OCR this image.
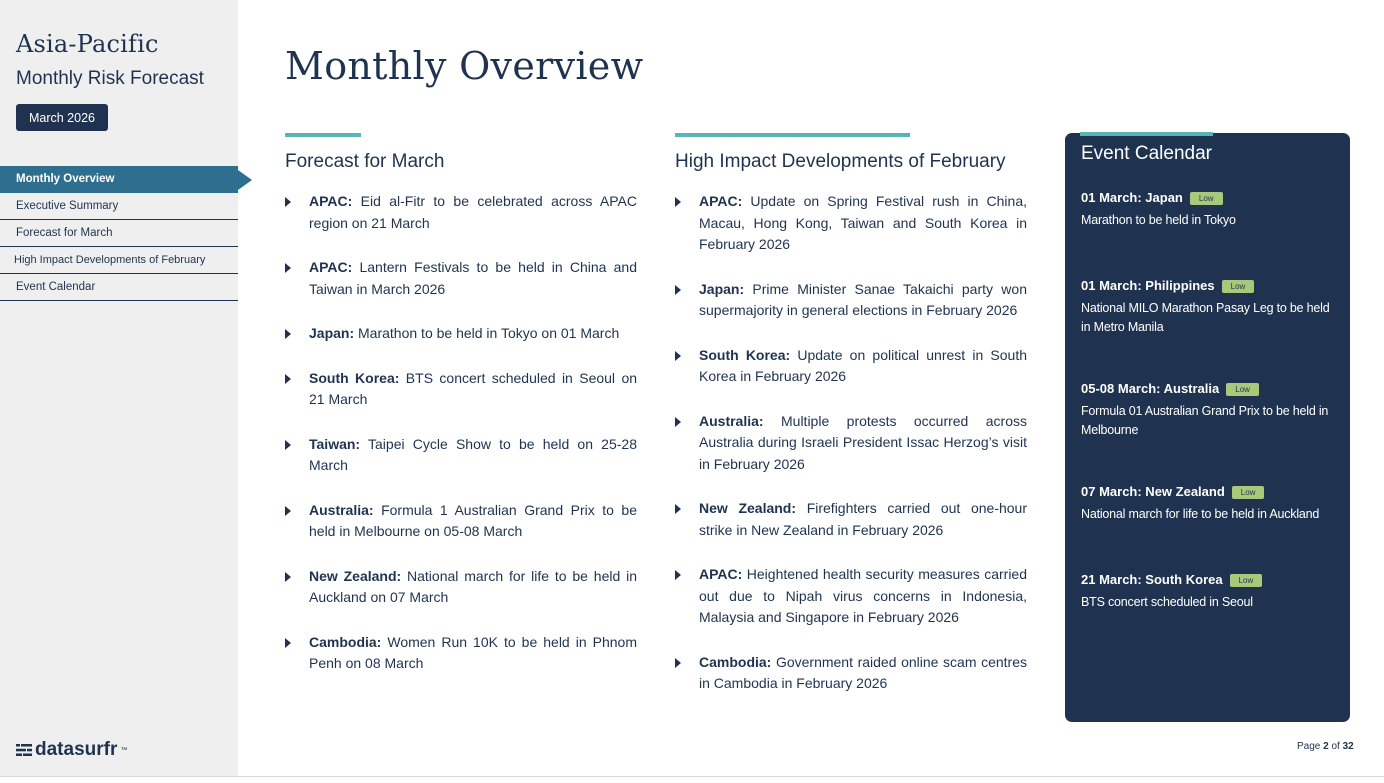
Asia-Pacific
Monthly Risk Forecast
March 2026
Monthly Overview
Executive Summary
Forecast for March
High Impact Developments of February
Event Calendar
datasurfr ™
Monthly Overview
Forecast for March
APAC: Eid al-Fitr to be celebrated across APAC region on 21 March
APAC: Lantern Festivals to be held in China and Taiwan in March 2026
Japan: Marathon to be held in Tokyo on 01 March
South Korea: BTS concert scheduled in Seoul on 21 March
Taiwan: Taipei Cycle Show to be held on 25-28 March
Australia: Formula 1 Australian Grand Prix to be held in Melbourne on 05-08 March
New Zealand: National march for life to be held in Auckland on 07 March
Cambodia: Women Run 10K to be held in Phnom Penh on 08 March
High Impact Developments of February
APAC: Update on Spring Festival rush in China, Macau, Hong Kong, Taiwan and South Korea in February 2026
Japan: Prime Minister Sanae Takaichi party won supermajority in general elections in February 2026
South Korea: Update on political unrest in South Korea in February 2026
Australia: Multiple protests occurred across Australia during Israeli President Issac Herzog’s visit in February 2026
New Zealand: Firefighters carried out one-hour strike in New Zealand in February 2026
APAC: Heightened health security measures carried out due to Nipah virus concerns in Indonesia, Malaysia and Singapore in February 2026
Cambodia: Government raided online scam centres in Cambodia in February 2026
Event Calendar
01 March: Japan	Low
Marathon to be held in Tokyo
01 March: Philippines	Low
National MILO Marathon Pasay Leg to be held in Metro Manila
05-08 March: Australia	Low
Formula 01 Australian Grand Prix to be held in Melbourne
07 March: New Zealand	Low
National march for life to be held in Auckland
21 March: South Korea	Low
BTS concert scheduled in Seoul
Page 2 of 32
